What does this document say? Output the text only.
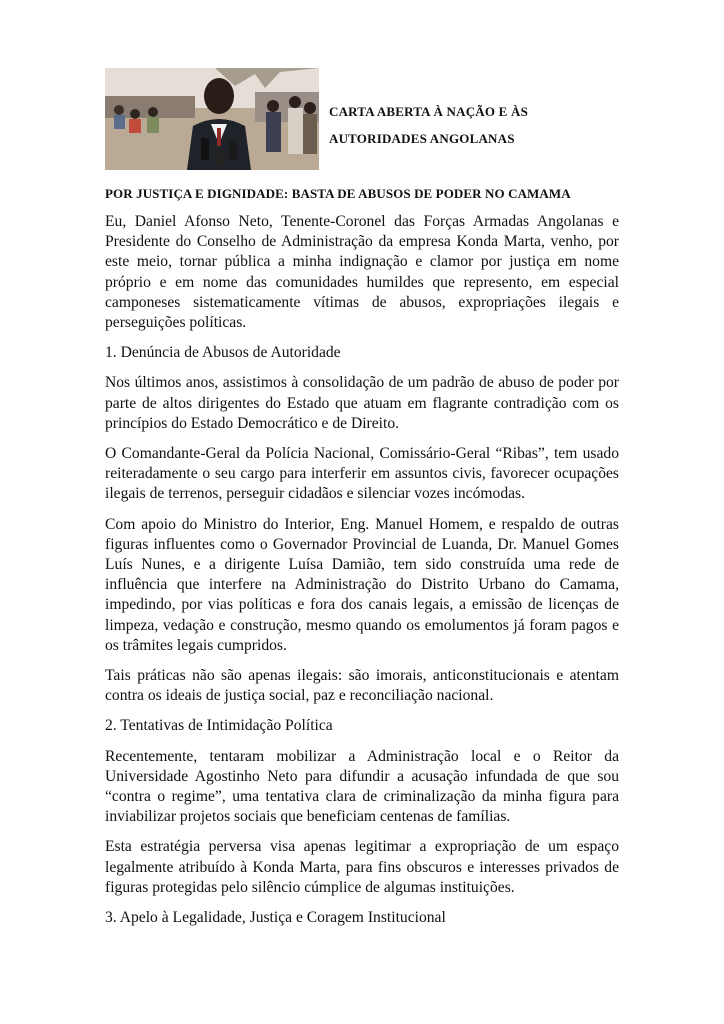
CARTA ABERTA À NAÇÃO E ÀS
AUTORIDADES ANGOLANAS
POR JUSTIÇA E DIGNIDADE: BASTA DE ABUSOS DE PODER NO CAMAMA

Eu, Daniel Afonso Neto, Tenente-Coronel das Forças Armadas Angolanas e Presidente do Conselho de Administração da empresa Konda Marta, venho, por este meio, tornar pública a minha indignação e clamor por justiça em nome próprio e em nome das comunidades humildes que represento, em especial camponeses sistematicamente vítimas de abusos, expropriações ilegais e perseguições políticas.

1. Denúncia de Abusos de Autoridade

Nos últimos anos, assistimos à consolidação de um padrão de abuso de poder por parte de altos dirigentes do Estado que atuam em flagrante contradição com os princípios do Estado Democrático e de Direito.

O Comandante-Geral da Polícia Nacional, Comissário-Geral “Ribas”, tem usado reiteradamente o seu cargo para interferir em assuntos civis, favorecer ocupações ilegais de terrenos, perseguir cidadãos e silenciar vozes incómodas.

Com apoio do Ministro do Interior, Eng. Manuel Homem, e respaldo de outras figuras influentes como o Governador Provincial de Luanda, Dr. Manuel Gomes Luís Nunes, e a dirigente Luísa Damião, tem sido construída uma rede de influência que interfere na Administração do Distrito Urbano do Camama, impedindo, por vias políticas e fora dos canais legais, a emissão de licenças de limpeza, vedação e construção, mesmo quando os emolumentos já foram pagos e os trâmites legais cumpridos.

Tais práticas não são apenas ilegais: são imorais, anticonstitucionais e atentam contra os ideais de justiça social, paz e reconciliação nacional.

2. Tentativas de Intimidação Política

Recentemente, tentaram mobilizar a Administração local e o Reitor da Universidade Agostinho Neto para difundir a acusação infundada de que sou “contra o regime”, uma tentativa clara de criminalização da minha figura para inviabilizar projetos sociais que beneficiam centenas de famílias.

Esta estratégia perversa visa apenas legitimar a expropriação de um espaço legalmente atribuído à Konda Marta, para fins obscuros e interesses privados de figuras protegidas pelo silêncio cúmplice de algumas instituições.

3. Apelo à Legalidade, Justiça e Coragem Institucional
